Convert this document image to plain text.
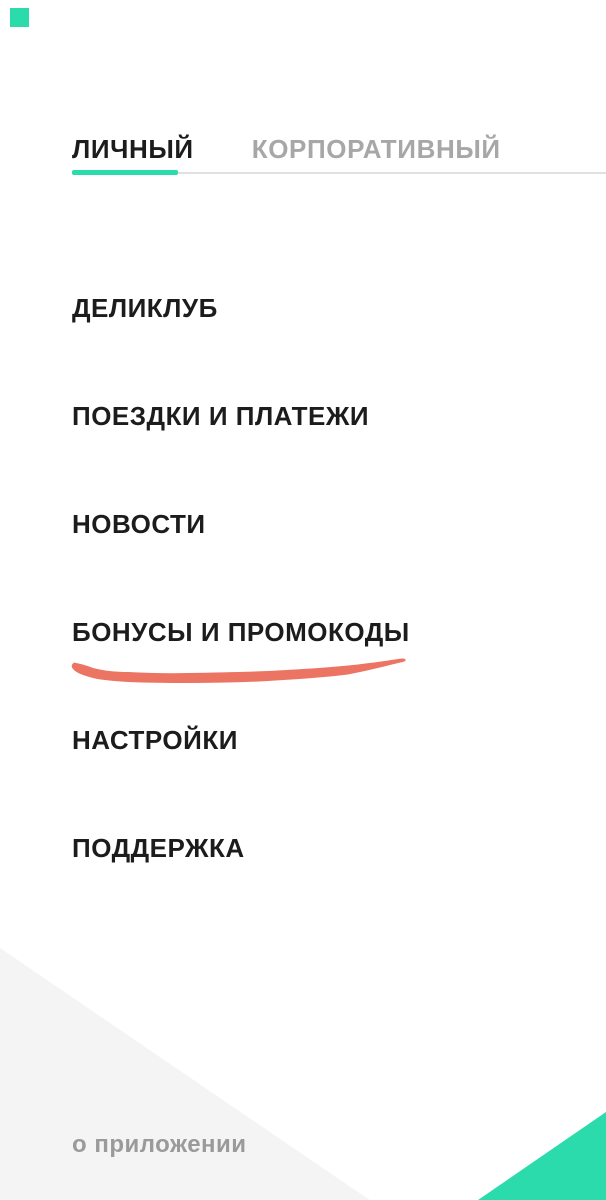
ЛИЧНЫЙ КОРПОРАТИВНЫЙ
ДЕЛИКЛУБ
ПОЕЗДКИ И ПЛАТЕЖИ
НОВОСТИ
БОНУСЫ И ПРОМОКОДЫ
НАСТРОЙКИ
ПОДДЕРЖКА
о приложении
